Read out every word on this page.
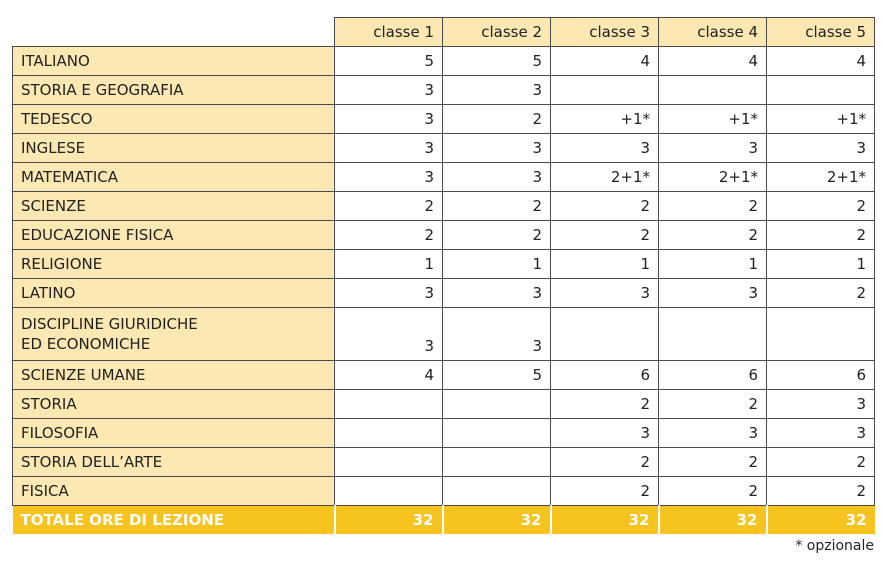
	classe 1	classe 2	classe 3	classe 4	classe 5
ITALIANO	5	5	4	4	4
STORIA E GEOGRAFIA	3	3			
TEDESCO	3	2	+1*	+1*	+1*
INGLESE	3	3	3	3	3
MATEMATICA	3	3	2+1*	2+1*	2+1*
SCIENZE	2	2	2	2	2
EDUCAZIONE FISICA	2	2	2	2	2
RELIGIONE	1	1	1	1	1
LATINO	3	3	3	3	2

DISCIPLINE GIURIDICHE
ED ECONOMICHE	3	3			
SCIENZE UMANE	4	5	6	6	6
STORIA			2	2	3
FILOSOFIA			3	3	3
STORIA DELL’ARTE			2	2	2
FISICA			2	2	2
TOTALE ORE DI LEZIONE	32	32	32	32	32
* opzionale
